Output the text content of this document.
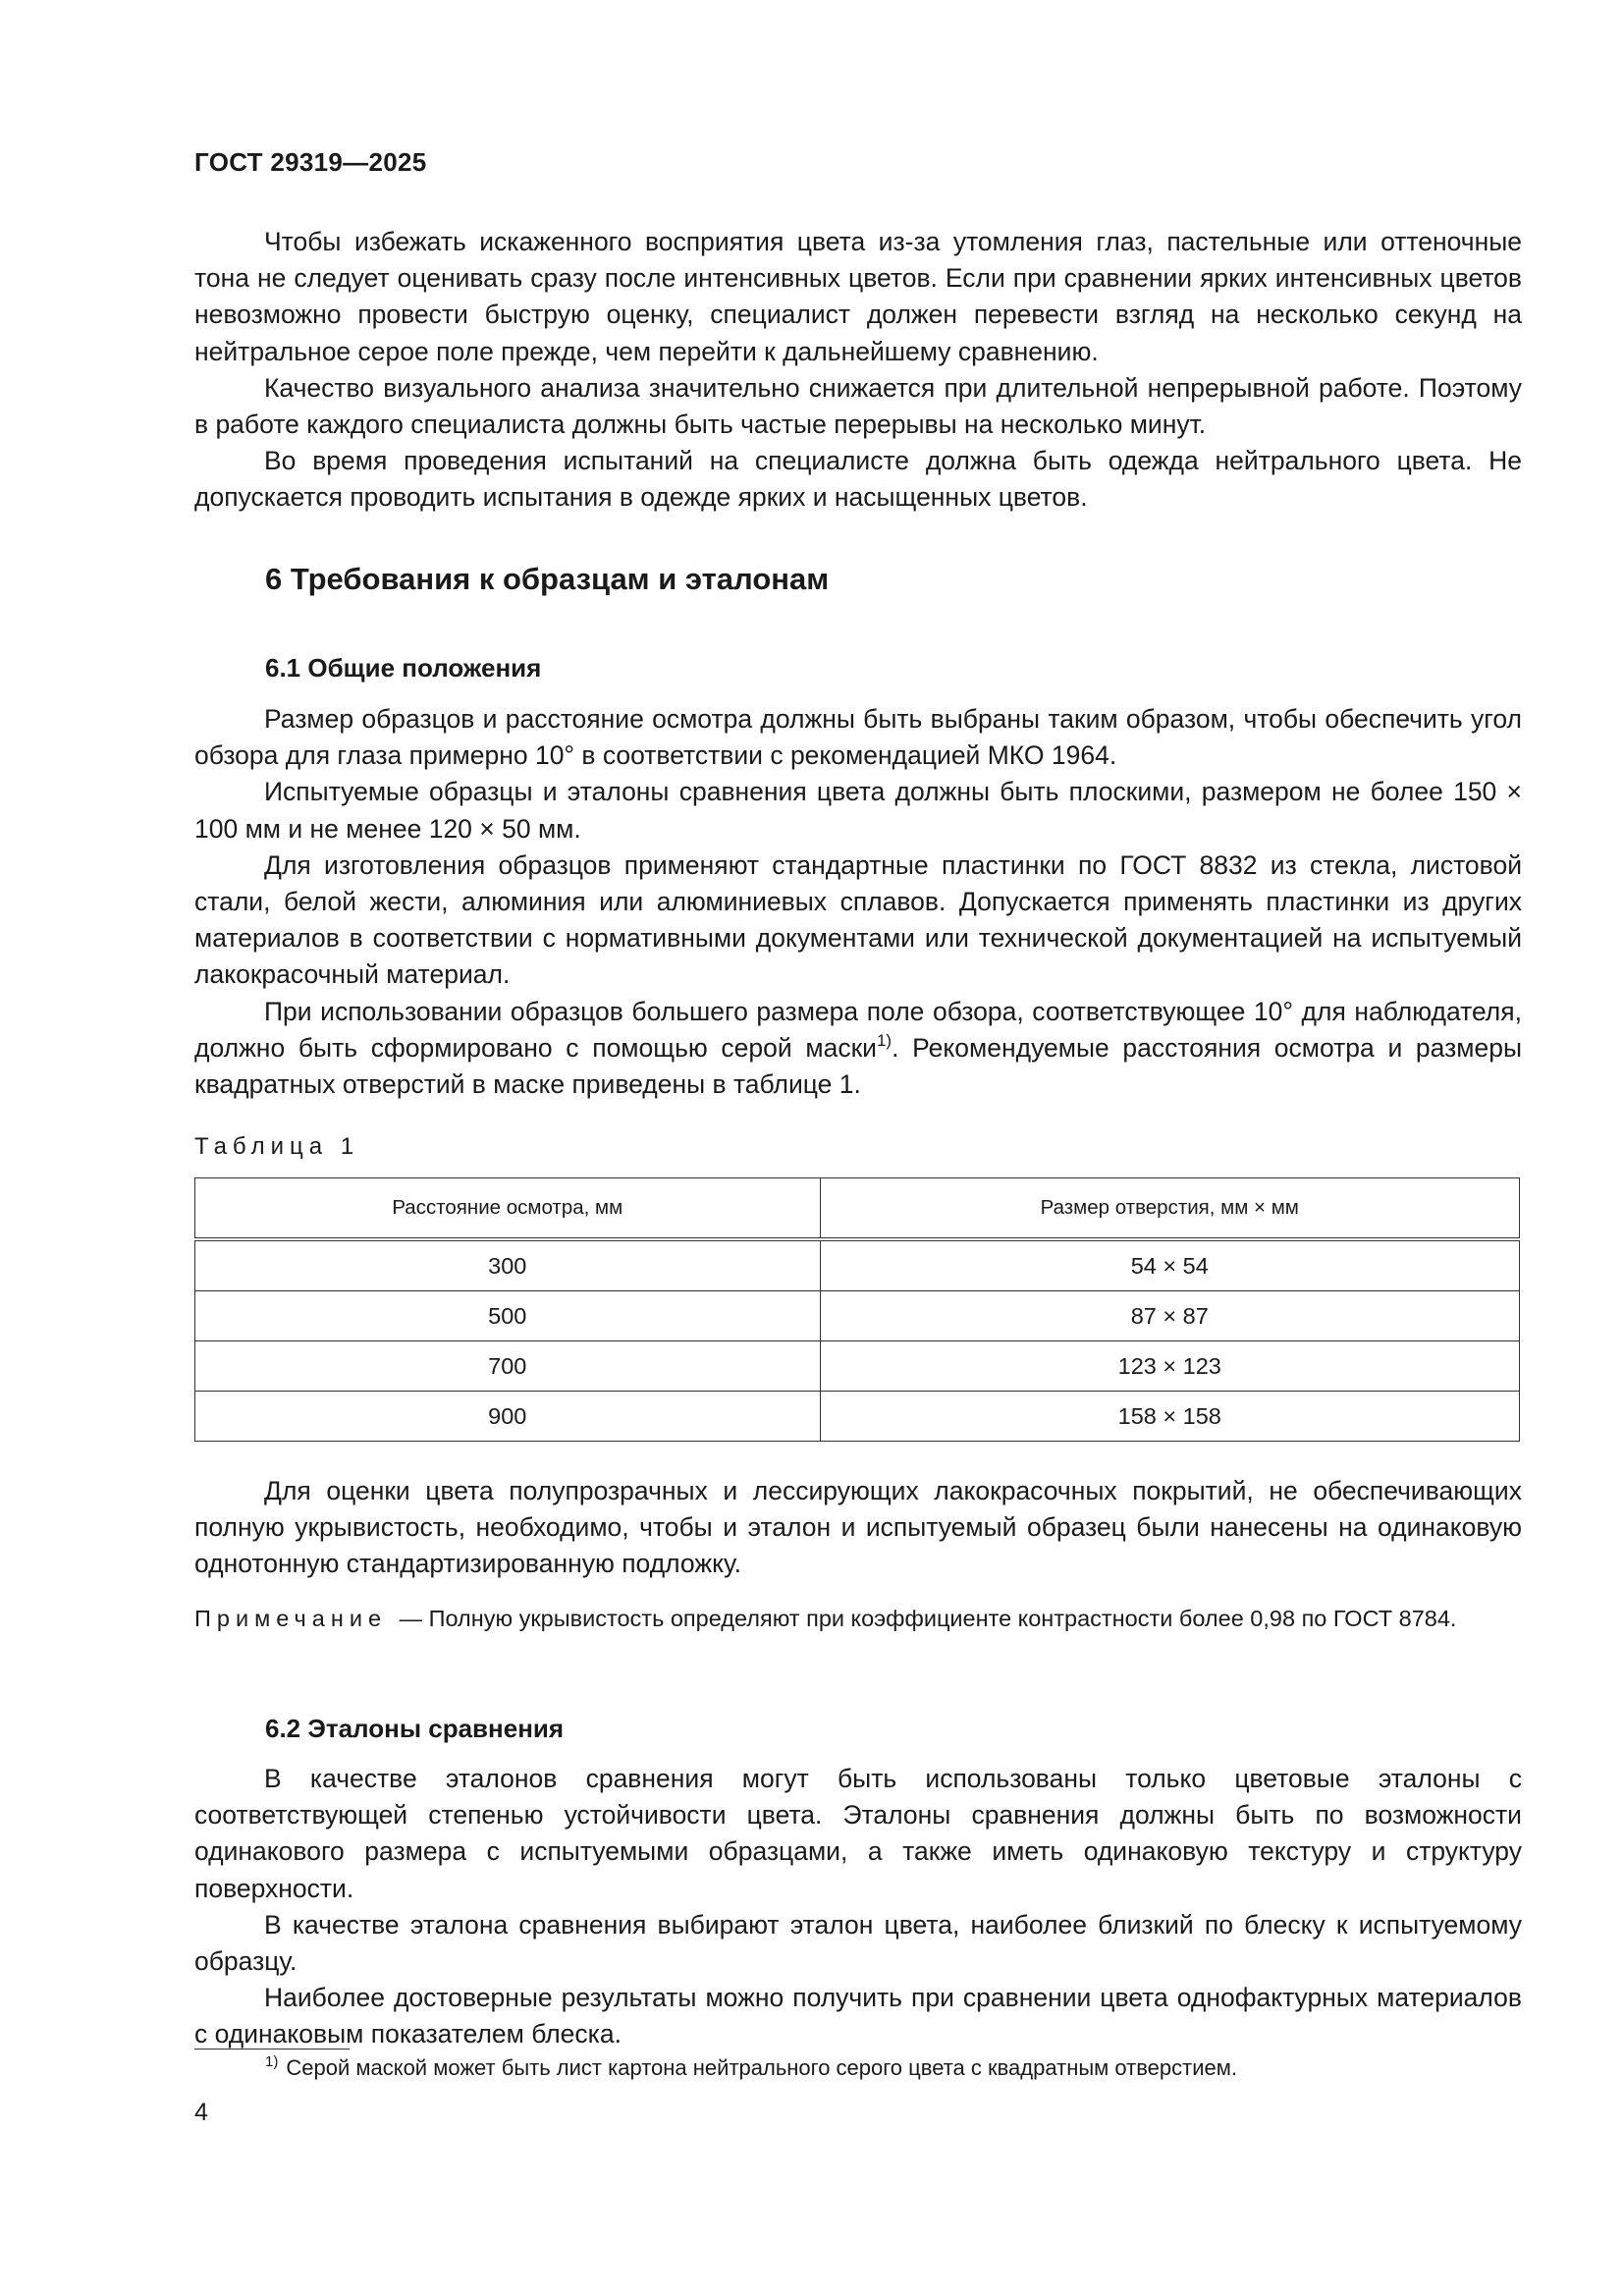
ГОСТ 29319—2025

Чтобы избежать искаженного восприятия цвета из-за утомления глаз, пастельные или оттеночные тона не следует оценивать сразу после интенсивных цветов. Если при сравнении ярких интенсивных цветов невозможно провести быструю оценку, специалист должен перевести взгляд на несколько секунд на нейтральное серое поле прежде, чем перейти к дальнейшему сравнению.

Качество визуального анализа значительно снижается при длительной непрерывной работе. Поэтому в работе каждого специалиста должны быть частые перерывы на несколько минут.

Во время проведения испытаний на специалисте должна быть одежда нейтрального цвета. Не допускается проводить испытания в одежде ярких и насыщенных цветов.

6 Требования к образцам и эталонам
6.1 Общие положения

Размер образцов и расстояние осмотра должны быть выбраны таким образом, чтобы обеспечить угол обзора для глаза примерно 10° в соответствии с рекомендацией МКО 1964.

Испытуемые образцы и эталоны сравнения цвета должны быть плоскими, размером не более 150 × 100 мм и не менее 120 × 50 мм.

Для изготовления образцов применяют стандартные пластинки по ГОСТ 8832 из стекла, листовой стали, белой жести, алюминия или алюминиевых сплавов. Допускается применять пластинки из других материалов в соответствии с нормативными документами или технической документацией на испытуемый лакокрасочный материал.

При использовании образцов большего размера поле обзора, соответствующее 10° для наблюдателя, должно быть сформировано с помощью серой маски$^{1)}$. Рекомендуемые расстояния осмотра и размеры квадратных отверстий в маске приведены в таблице 1.

Таблица 1
Расстояние осмотра, мм	Размер отверстия, мм × мм
300	54 × 54
500	87 × 87
700	123 × 123
900	158 × 158

Для оценки цвета полупрозрачных и лессирующих лакокрасочных покрытий, не обеспечивающих полную укрывистость, необходимо, чтобы и эталон и испытуемый образец были нанесены на одинаковую однотонную стандартизированную подложку.

Примечание — Полную укрывистость определяют при коэффициенте контрастности более 0,98 по ГОСТ 8784.
6.2 Эталоны сравнения

В качестве эталонов сравнения могут быть использованы только цветовые эталоны с соответствующей степенью устойчивости цвета. Эталоны сравнения должны быть по возможности одинакового размера с испытуемыми образцами, а также иметь одинаковую текстуру и структуру поверхности.

В качестве эталона сравнения выбирают эталон цвета, наиболее близкий по блеску к испытуемому образцу.

Наиболее достоверные результаты можно получить при сравнении цвета однофактурных материалов с одинаковым показателем блеска.

$^{1)}$ Серой маской может быть лист картона нейтрального серого цвета с квадратным отверстием.
4
